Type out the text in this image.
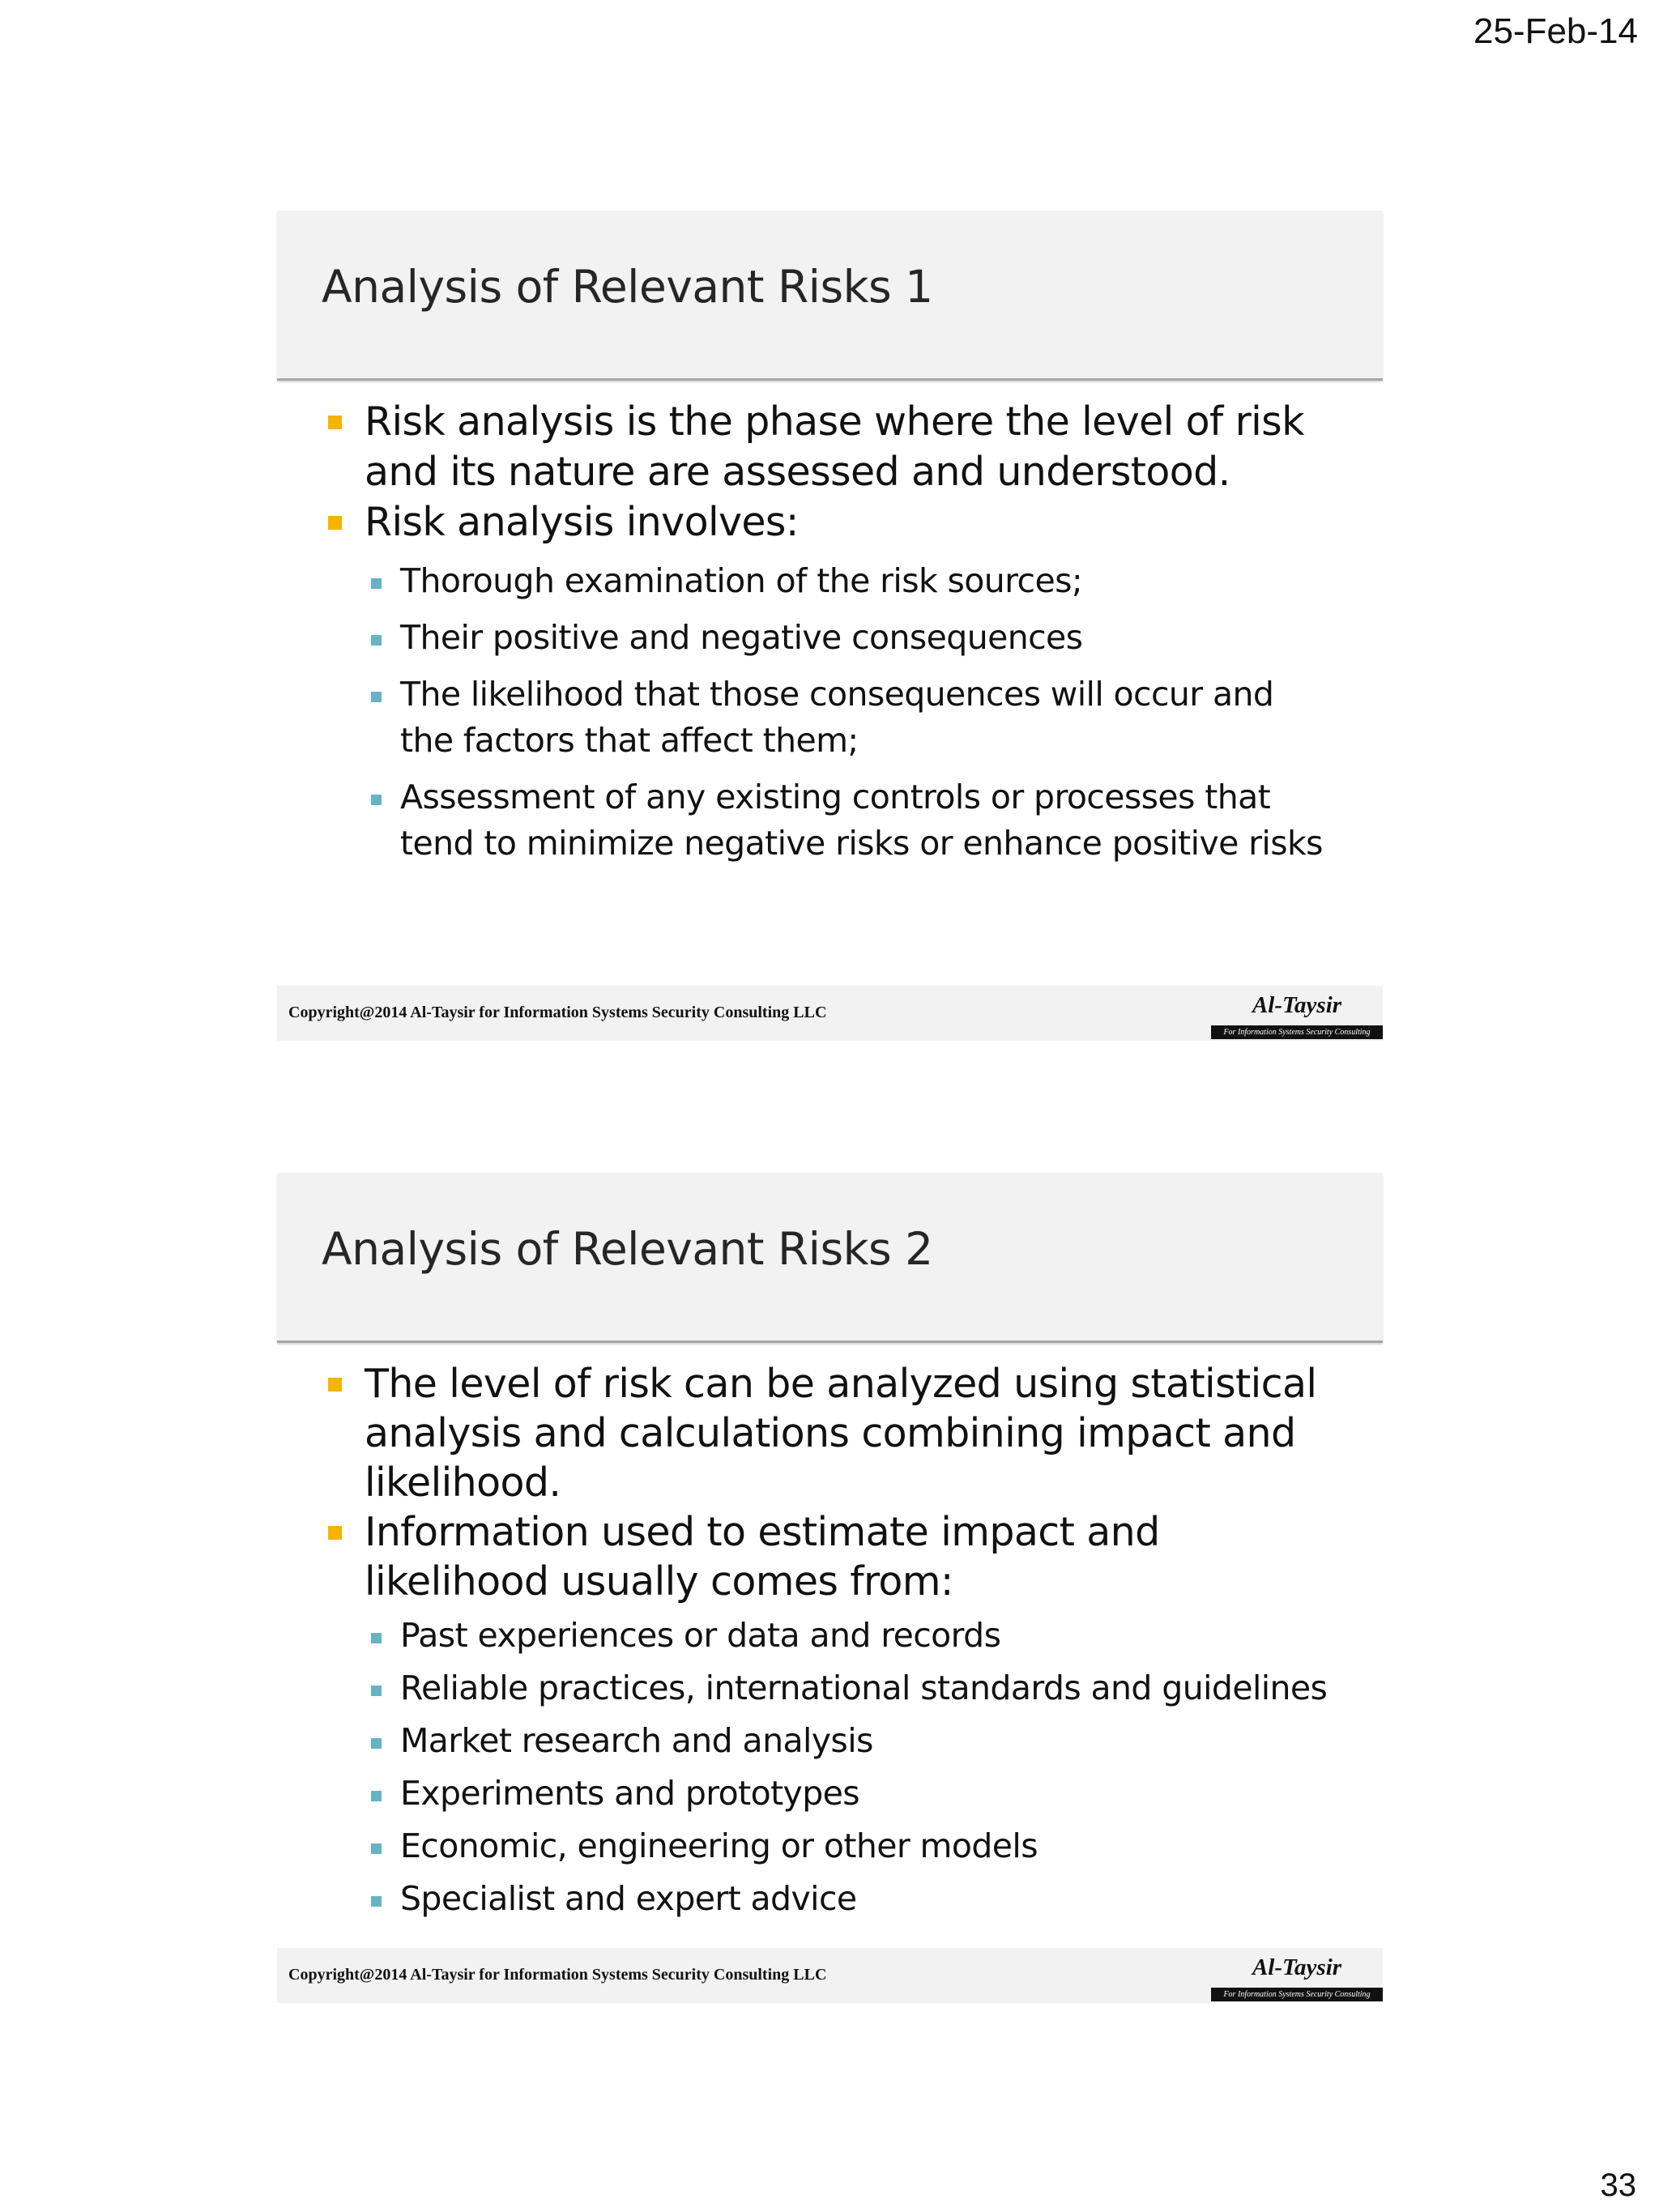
25-Feb-14
Analysis of Relevant Risks 1
Risk analysis is the phase where the level of risk and its nature are assessed and understood.
Risk analysis involves:
Thorough examination of the risk sources;
Their positive and negative consequences
The likelihood that those consequences will occur and the factors that affect them;
Assessment of any existing controls or processes that tend to minimize negative risks or enhance positive risks
Copyright@2014 Al-Taysir for Information Systems Security Consulting LLC	Al-Taysir
For Information Systems Security Consulting
Analysis of Relevant Risks 2
The level of risk can be analyzed using statistical analysis and calculations combining impact and likelihood.
Information used to estimate impact and likelihood usually comes from:
Past experiences or data and records
Reliable practices, international standards and guidelines
Market research and analysis
Experiments and prototypes
Economic, engineering or other models
Specialist and expert advice
Copyright@2014 Al-Taysir for Information Systems Security Consulting LLC	Al-Taysir
For Information Systems Security Consulting
33
